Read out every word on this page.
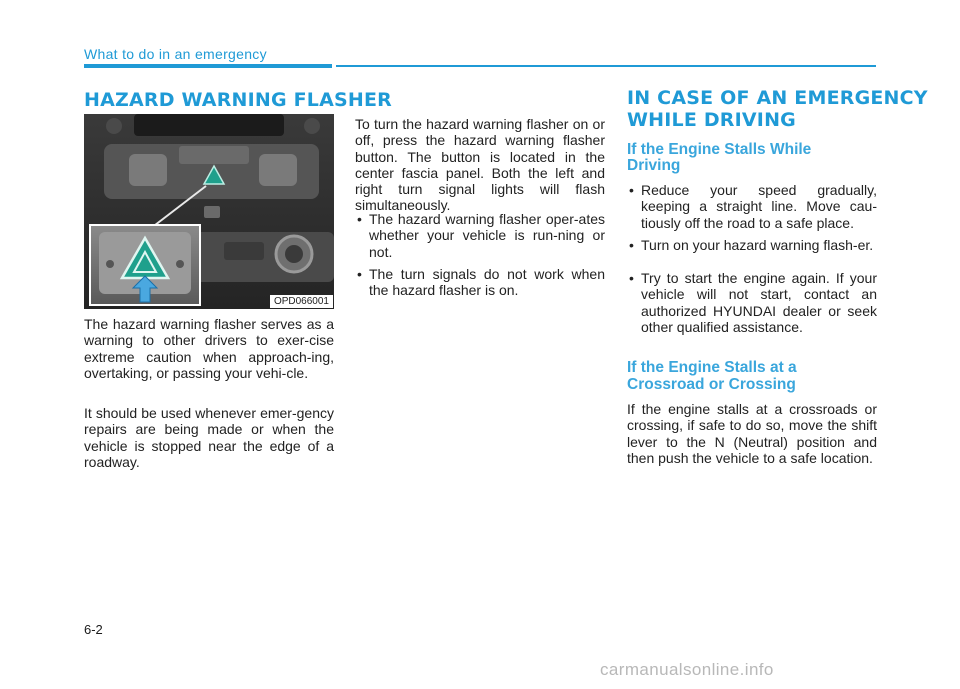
What to do in an emergency
HAZARD WARNING FLASHER
OPD066001

The hazard warning flasher serves as a warning to other drivers to exer-cise extreme caution when approach-ing, overtaking, or passing your vehi-cle.

It should be used whenever emer-gency repairs are being made or when the vehicle is stopped near the edge of a roadway.

To turn the hazard warning flasher on or off, press the hazard warning flasher button. The button is located in the center fascia panel. Both the left and right turn signal lights will flash simultaneously.

• The hazard warning flasher oper-ates whether your vehicle is run-ning or not.

• The turn signals do not work when the hazard flasher is on.

IN CASE OF AN EMERGENCY
WHILE DRIVING
If the Engine Stalls While
Driving

• Reduce your speed gradually, keeping a straight line. Move cau-tiously off the road to a safe place.

• Turn on your hazard warning flash-er.

• Try to start the engine again. If your vehicle will not start, contact an authorized HYUNDAI dealer or seek other qualified assistance.

If the Engine Stalls at a
Crossroad or Crossing

If the engine stalls at a crossroads or crossing, if safe to do so, move the shift lever to the N (Neutral) position and then push the vehicle to a safe location.

6-2
carmanualsonline.info
